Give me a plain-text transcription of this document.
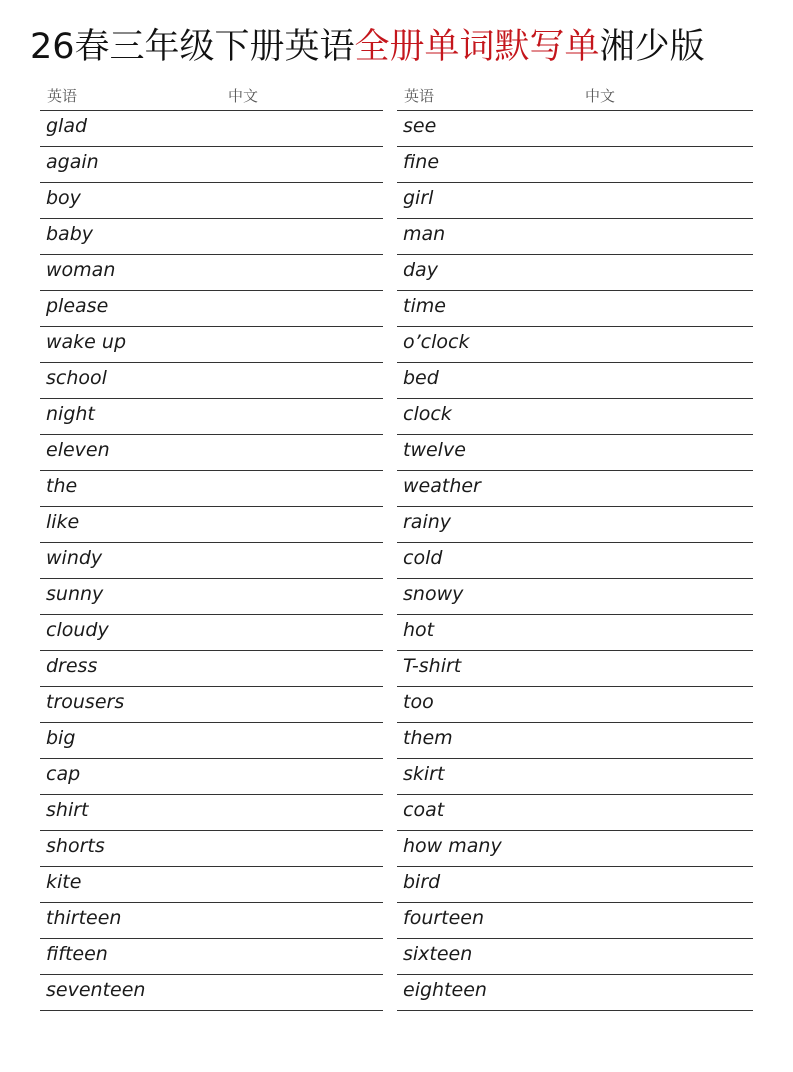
26春三年级下册英语全册单词默写单湘少版
英语	中文
glad
again
boy
baby
woman
please
wake up
school
night
eleven
the
like
windy
sunny
cloudy
dress
trousers
big
cap
shirt
shorts
kite
thirteen
fifteen
seventeen
英语	中文
see
fine
girl
man
day
time
o’clock
bed
clock
twelve
weather
rainy
cold
snowy
hot
T-shirt
too
them
skirt
coat
how many
bird
fourteen
sixteen
eighteen
